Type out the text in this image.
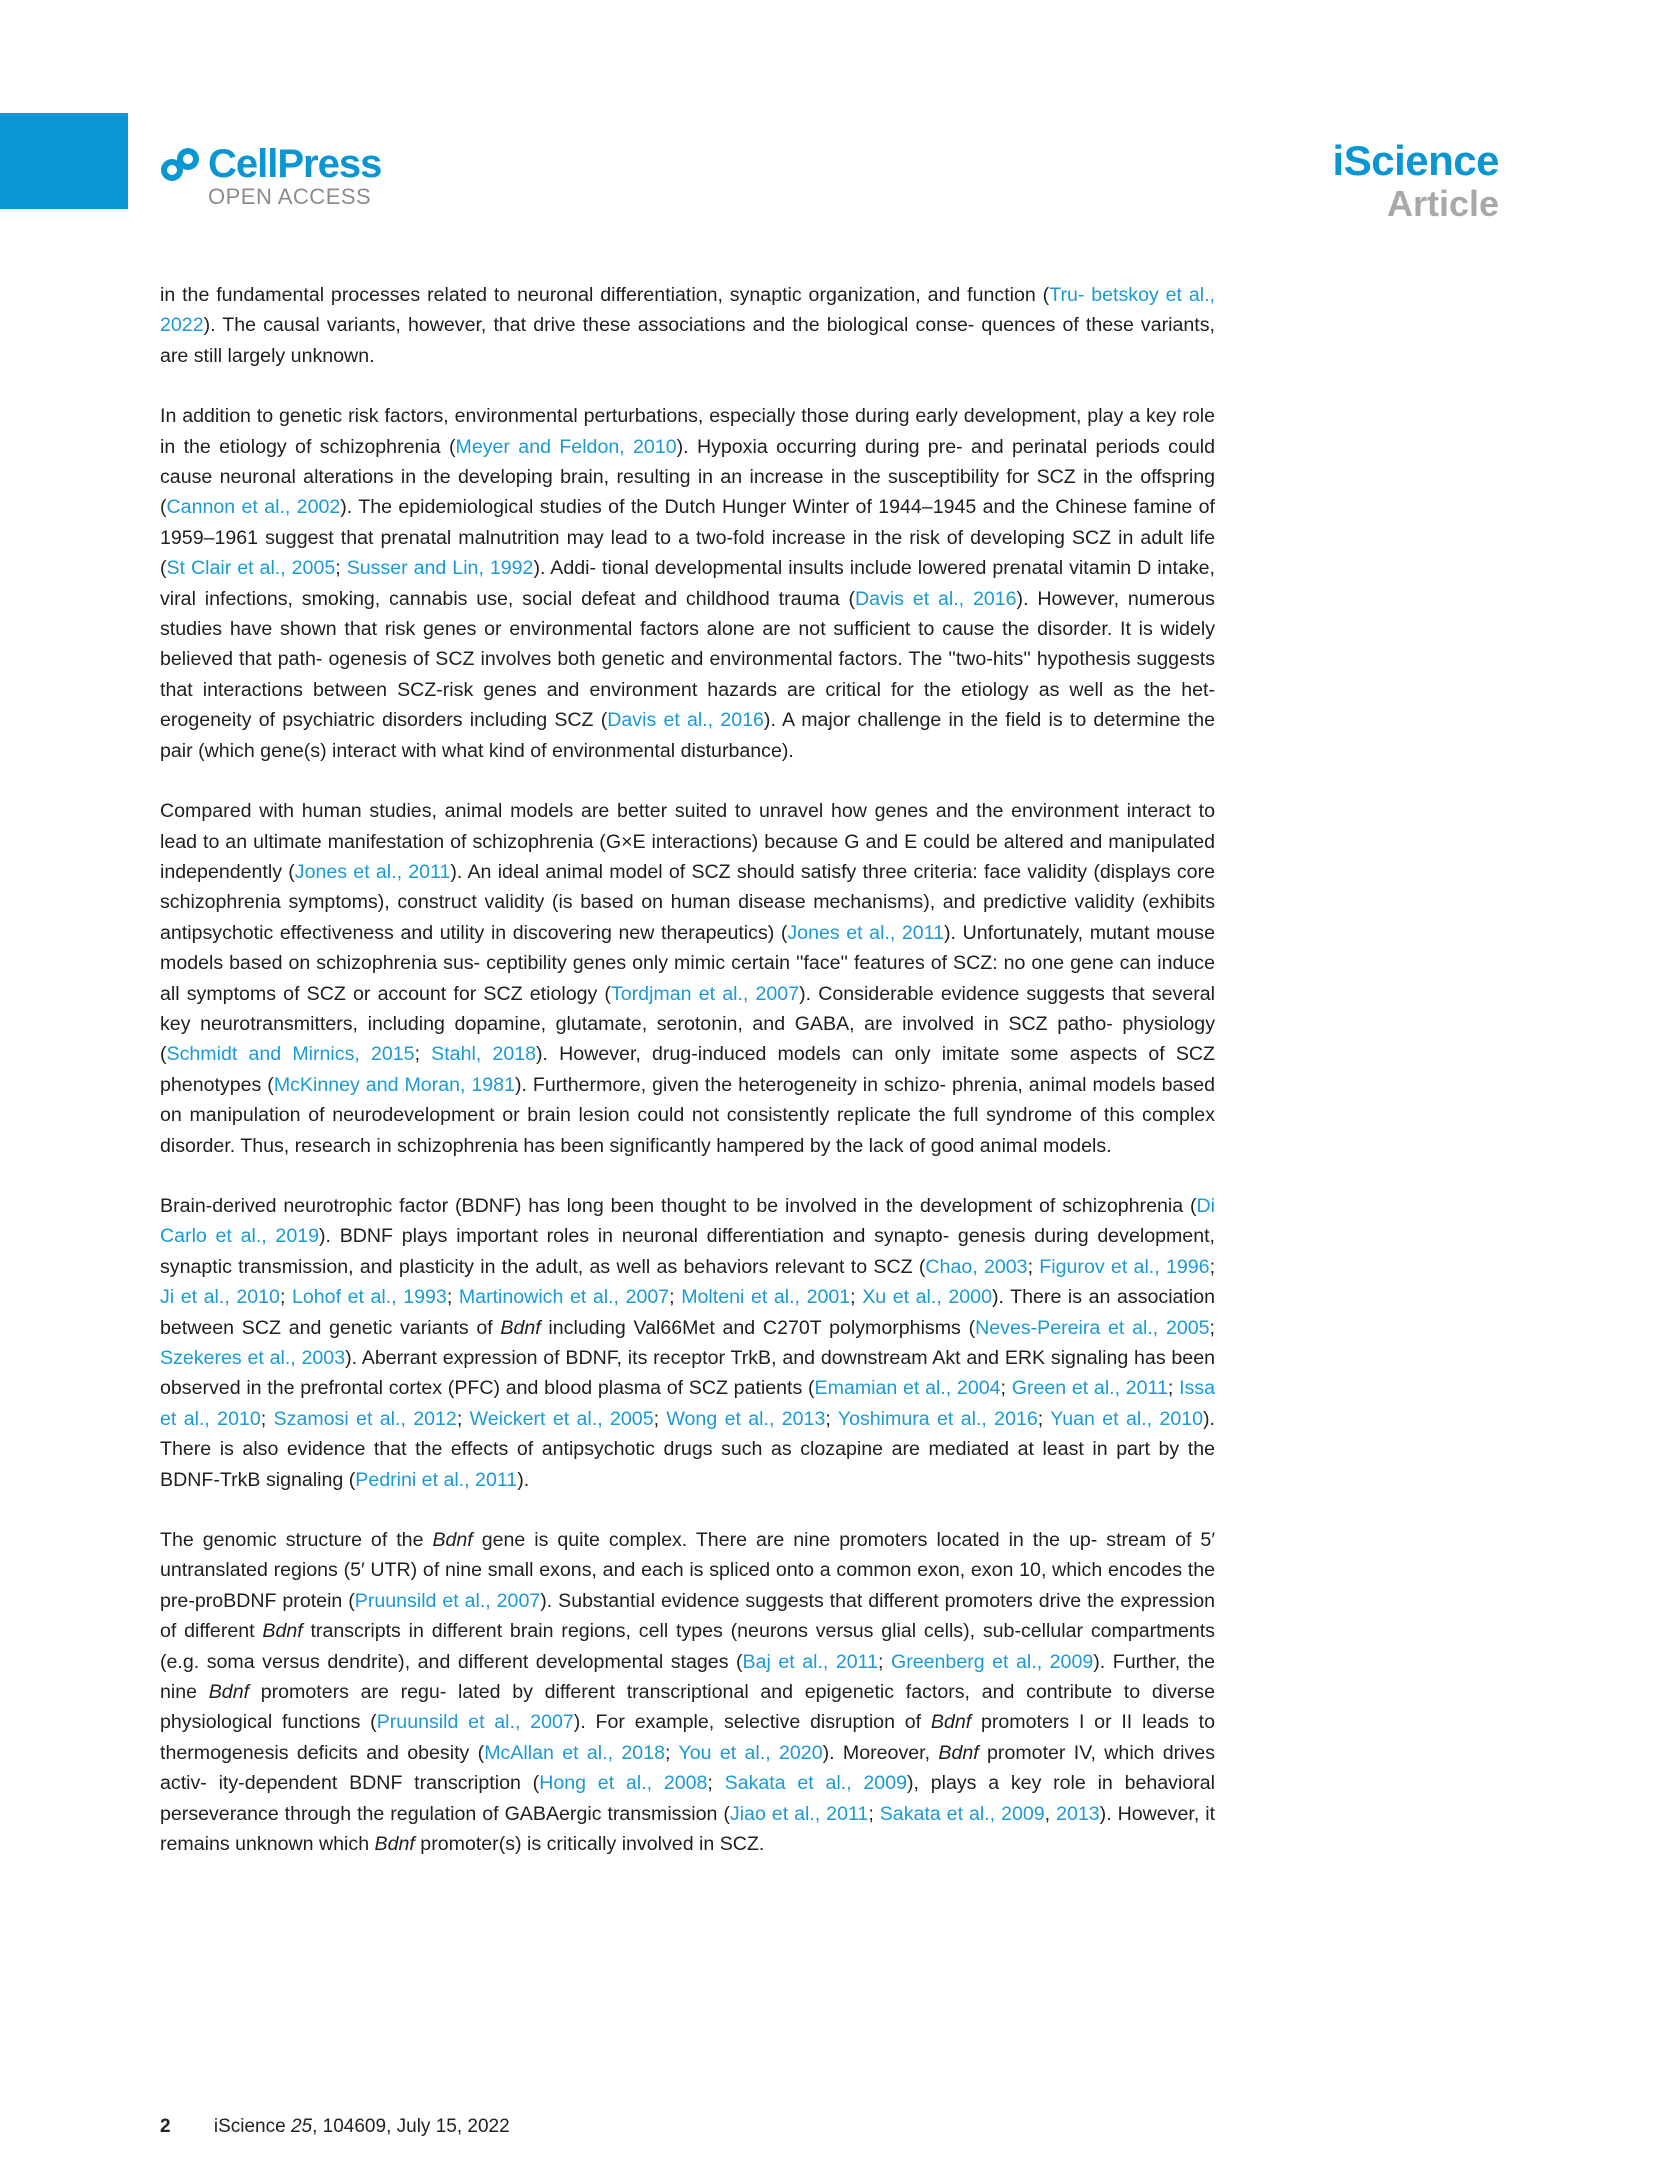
CellPress
OPEN ACCESS
iScience
Article

in the fundamental processes related to neuronal differentiation, synaptic organization, and function (Tru- betskoy et al., 2022). The causal variants, however, that drive these associations and the biological conse- quences of these variants, are still largely unknown.

In addition to genetic risk factors, environmental perturbations, especially those during early development, play a key role in the etiology of schizophrenia (Meyer and Feldon, 2010). Hypoxia occurring during pre- and perinatal periods could cause neuronal alterations in the developing brain, resulting in an increase in the susceptibility for SCZ in the offspring (Cannon et al., 2002). The epidemiological studies of the Dutch Hunger Winter of 1944–1945 and the Chinese famine of 1959–1961 suggest that prenatal malnutrition may lead to a two-fold increase in the risk of developing SCZ in adult life (St Clair et al., 2005; Susser and Lin, 1992). Addi- tional developmental insults include lowered prenatal vitamin D intake, viral infections, smoking, cannabis use, social defeat and childhood trauma (Davis et al., 2016). However, numerous studies have shown that risk genes or environmental factors alone are not sufficient to cause the disorder. It is widely believed that path- ogenesis of SCZ involves both genetic and environmental factors. The ''two-hits'' hypothesis suggests that interactions between SCZ-risk genes and environment hazards are critical for the etiology as well as the het- erogeneity of psychiatric disorders including SCZ (Davis et al., 2016). A major challenge in the field is to determine the pair (which gene(s) interact with what kind of environmental disturbance).

Compared with human studies, animal models are better suited to unravel how genes and the environment interact to lead to an ultimate manifestation of schizophrenia (G×E interactions) because G and E could be altered and manipulated independently (Jones et al., 2011). An ideal animal model of SCZ should satisfy three criteria: face validity (displays core schizophrenia symptoms), construct validity (is based on human disease mechanisms), and predictive validity (exhibits antipsychotic effectiveness and utility in discovering new therapeutics) (Jones et al., 2011). Unfortunately, mutant mouse models based on schizophrenia sus- ceptibility genes only mimic certain ''face'' features of SCZ: no one gene can induce all symptoms of SCZ or account for SCZ etiology (Tordjman et al., 2007). Considerable evidence suggests that several key neurotransmitters, including dopamine, glutamate, serotonin, and GABA, are involved in SCZ patho- physiology (Schmidt and Mirnics, 2015; Stahl, 2018). However, drug-induced models can only imitate some aspects of SCZ phenotypes (McKinney and Moran, 1981). Furthermore, given the heterogeneity in schizo- phrenia, animal models based on manipulation of neurodevelopment or brain lesion could not consistently replicate the full syndrome of this complex disorder. Thus, research in schizophrenia has been significantly hampered by the lack of good animal models.

Brain-derived neurotrophic factor (BDNF) has long been thought to be involved in the development of schizophrenia (Di Carlo et al., 2019). BDNF plays important roles in neuronal differentiation and synapto- genesis during development, synaptic transmission, and plasticity in the adult, as well as behaviors relevant to SCZ (Chao, 2003; Figurov et al., 1996; Ji et al., 2010; Lohof et al., 1993; Martinowich et al., 2007; Molteni et al., 2001; Xu et al., 2000). There is an association between SCZ and genetic variants of Bdnf including Val66Met and C270T polymorphisms (Neves-Pereira et al., 2005; Szekeres et al., 2003). Aberrant expression of BDNF, its receptor TrkB, and downstream Akt and ERK signaling has been observed in the prefrontal cortex (PFC) and blood plasma of SCZ patients (Emamian et al., 2004; Green et al., 2011; Issa et al., 2010; Szamosi et al., 2012; Weickert et al., 2005; Wong et al., 2013; Yoshimura et al., 2016; Yuan et al., 2010). There is also evidence that the effects of antipsychotic drugs such as clozapine are mediated at least in part by the BDNF-TrkB signaling (Pedrini et al., 2011).

The genomic structure of the Bdnf gene is quite complex. There are nine promoters located in the up- stream of 5′ untranslated regions (5′ UTR) of nine small exons, and each is spliced onto a common exon, exon 10, which encodes the pre-proBDNF protein (Pruunsild et al., 2007). Substantial evidence suggests that different promoters drive the expression of different Bdnf transcripts in different brain regions, cell types (neurons versus glial cells), sub-cellular compartments (e.g. soma versus dendrite), and different developmental stages (Baj et al., 2011; Greenberg et al., 2009). Further, the nine Bdnf promoters are regu- lated by different transcriptional and epigenetic factors, and contribute to diverse physiological functions (Pruunsild et al., 2007). For example, selective disruption of Bdnf promoters I or II leads to thermogenesis deficits and obesity (McAllan et al., 2018; You et al., 2020). Moreover, Bdnf promoter IV, which drives activ- ity-dependent BDNF transcription (Hong et al., 2008; Sakata et al., 2009), plays a key role in behavioral perseverance through the regulation of GABAergic transmission (Jiao et al., 2011; Sakata et al., 2009, 2013). However, it remains unknown which Bdnf promoter(s) is critically involved in SCZ.

2 iScience 25, 104609, July 15, 2022
